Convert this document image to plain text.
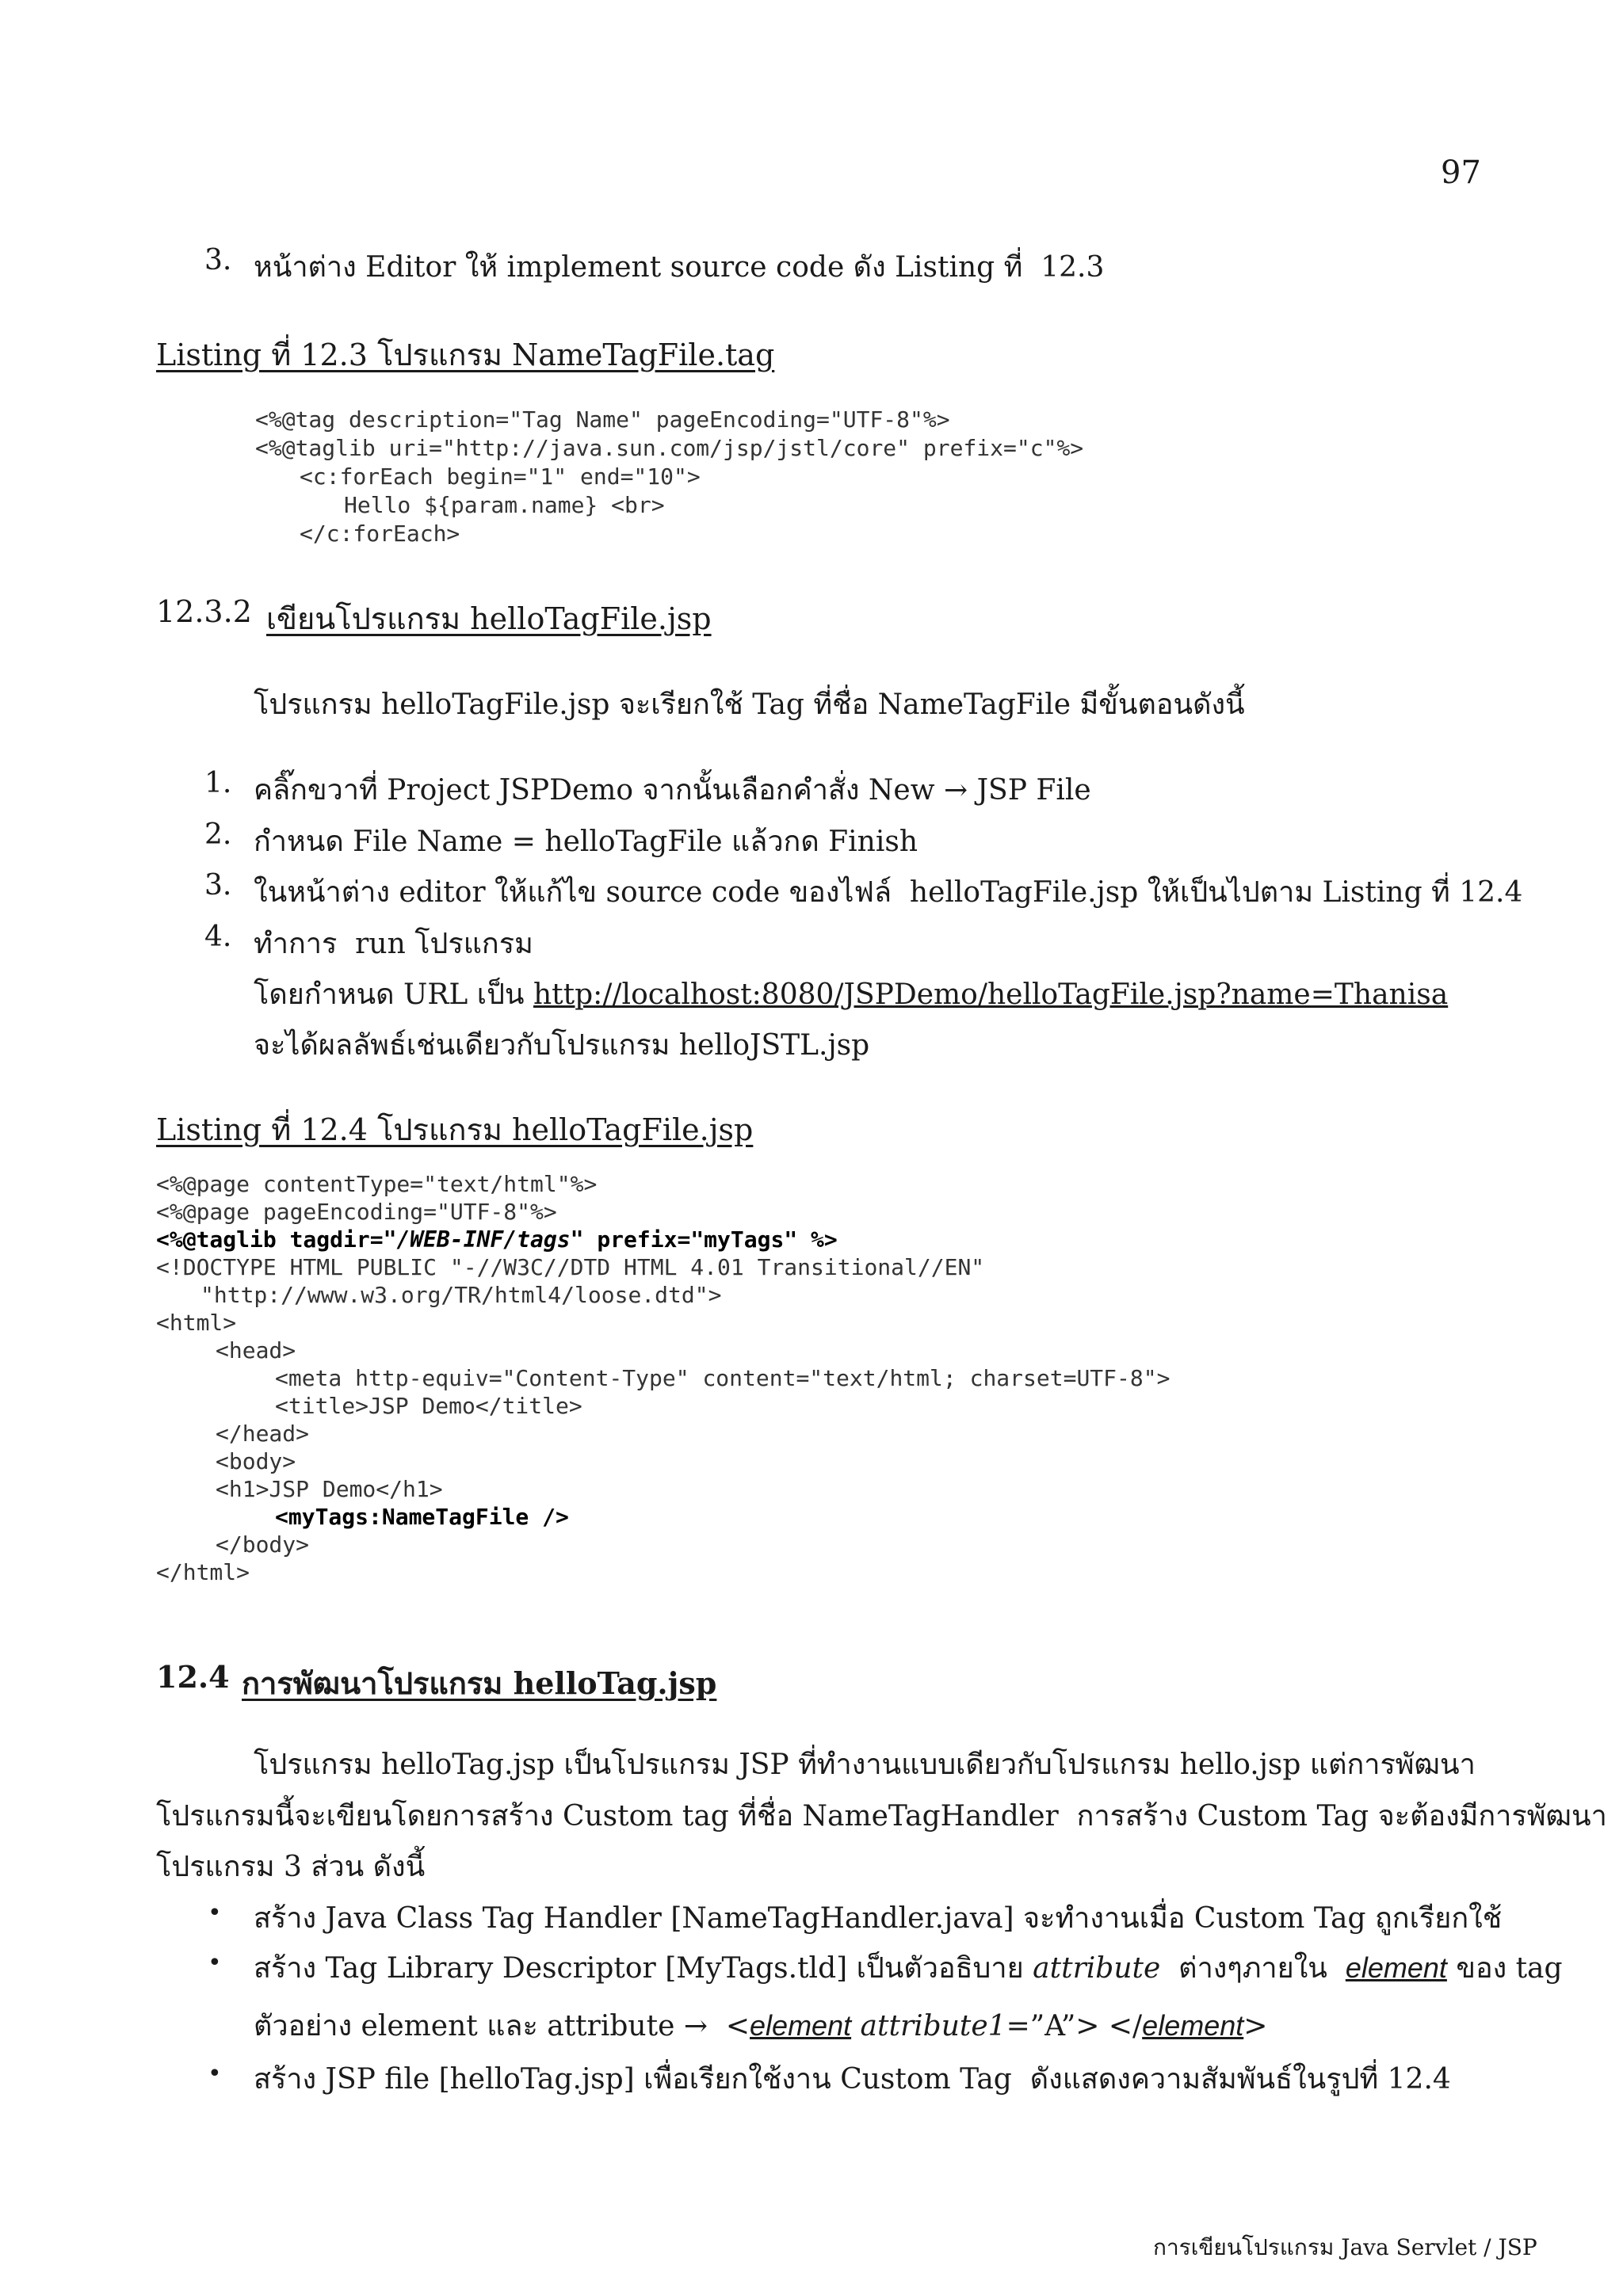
97
3. หน้าต่าง Editor ให้ implement source code ดัง Listing ที่  12.3
Listing ที่ 12.3 โปรแกรม NameTagFile.tag
<%@tag description="Tag Name" pageEncoding="UTF-8"%>
<%@taglib uri="http://java.sun.com/jsp/jstl/core" prefix="c"%>
<c:forEach begin="1" end="10">
Hello ${param.name} <br>
</c:forEach>
12.3.2 เขียนโปรแกรม helloTagFile.jsp
โปรแกรม helloTagFile.jsp จะเรียกใช้ Tag ที่ชื่อ NameTagFile มีขั้นตอนดังนี้
1. คลิ๊กขวาที่ Project JSPDemo จากนั้นเลือกคำสั่ง New → JSP File
2. กำหนด File Name = helloTagFile แล้วกด Finish
3. ในหน้าต่าง editor ให้แก้ไข source code ของไฟล์  helloTagFile.jsp ให้เป็นไปตาม Listing ที่ 12.4
4. ทำการ  run โปรแกรม
โดยกำหนด URL เป็น http://localhost:8080/JSPDemo/helloTagFile.jsp?name=Thanisa
จะได้ผลลัพธ์เช่นเดียวกับโปรแกรม helloJSTL.jsp
Listing ที่ 12.4 โปรแกรม helloTagFile.jsp
<%@page contentType="text/html"%>
<%@page pageEncoding="UTF-8"%>
<%@taglib tagdir="/WEB-INF/tags" prefix="myTags" %>
<!DOCTYPE HTML PUBLIC "-//W3C//DTD HTML 4.01 Transitional//EN"
"http://www.w3.org/TR/html4/loose.dtd">
<html>
<head>
<meta http-equiv="Content-Type" content="text/html; charset=UTF-8">
<title>JSP Demo</title>
</head>
<body>
<h1>JSP Demo</h1>
<myTags:NameTagFile />
</body>
</html>
12.4 การพัฒนาโปรแกรม helloTag.jsp
โปรแกรม helloTag.jsp เป็นโปรแกรม JSP ที่ทำงานแบบเดียวกับโปรแกรม hello.jsp แต่การพัฒนา
โปรแกรมนี้จะเขียนโดยการสร้าง Custom tag ที่ชื่อ NameTagHandler  การสร้าง Custom Tag จะต้องมีการพัฒนา
โปรแกรม 3 ส่วน ดังนี้
• สร้าง Java Class Tag Handler [NameTagHandler.java] จะทำงานเมื่อ Custom Tag ถูกเรียกใช้
• สร้าง Tag Library Descriptor [MyTags.tld] เป็นตัวอธิบาย attribute  ต่างๆภายใน  element ของ tag
ตัวอย่าง element และ attribute →  <element attribute1=”A”> </element>
• สร้าง JSP file [helloTag.jsp] เพื่อเรียกใช้งาน Custom Tag  ดังแสดงความสัมพันธ์ในรูปที่ 12.4
การเขียนโปรแกรม Java Servlet / JSP
